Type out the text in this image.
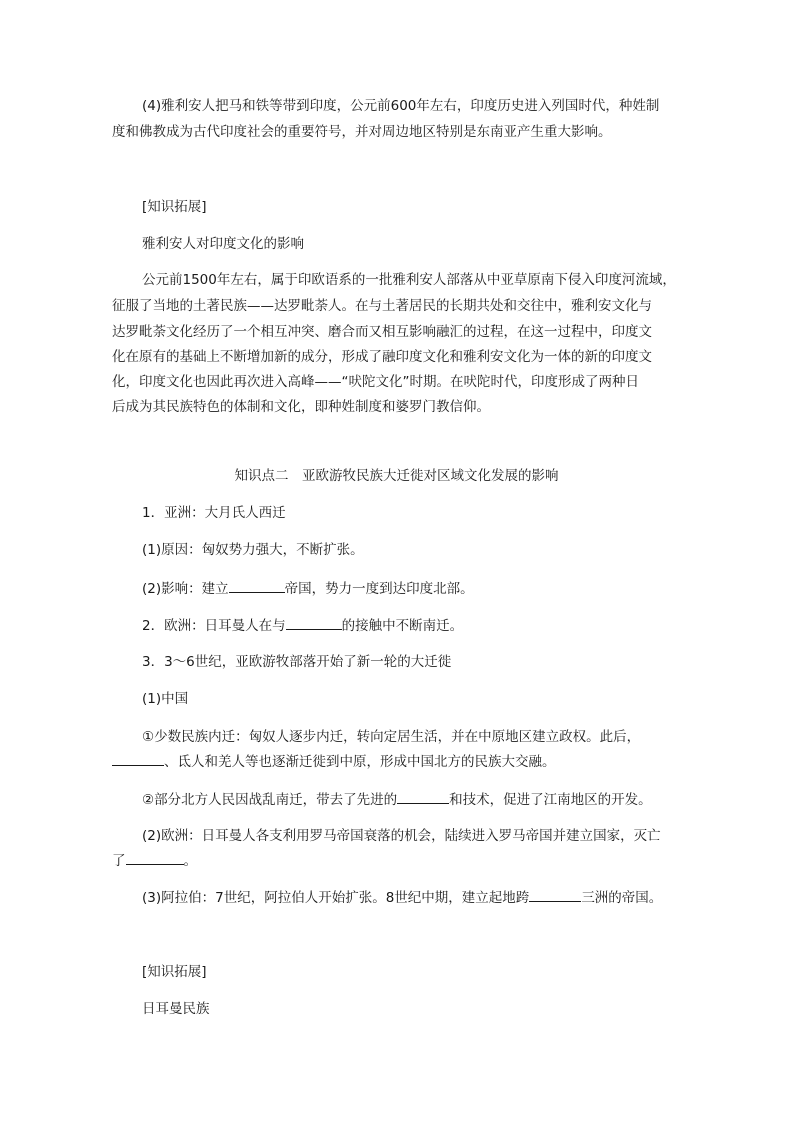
(4)雅利安人把马和铁等带到印度，公元前600年左右，印度历史进入列国时代，种姓制
度和佛教成为古代印度社会的重要符号，并对周边地区特别是东南亚产生重大影响。
[知识拓展]
雅利安人对印度文化的影响
公元前1500年左右，属于印欧语系的一批雅利安人部落从中亚草原南下侵入印度河流域，
征服了当地的土著民族——达罗毗荼人。在与土著居民的长期共处和交往中，雅利安文化与
达罗毗荼文化经历了一个相互冲突、磨合而又相互影响融汇的过程，在这一过程中，印度文
化在原有的基础上不断增加新的成分，形成了融印度文化和雅利安文化为一体的新的印度文
化，印度文化也因此再次进入高峰——“吠陀文化”时期。在吠陀时代，印度形成了两种日
后成为其民族特色的体制和文化，即种姓制度和婆罗门教信仰。
知识点二　亚欧游牧民族大迁徙对区域文化发展的影响
1．亚洲：大月氏人西迁
(1)原因：匈奴势力强大，不断扩张。
(2)影响：建立	帝国，势力一度到达印度北部。
2．欧洲：日耳曼人在与	的接触中不断南迁。
3．3～6世纪，亚欧游牧部落开始了新一轮的大迁徙
(1)中国
①少数民族内迁：匈奴人逐步内迁，转向定居生活，并在中原地区建立政权。此后，
、氐人和羌人等也逐渐迁徙到中原，形成中国北方的民族大交融。
②部分北方人民因战乱南迁，带去了先进的	和技术，促进了江南地区的开发。
(2)欧洲：日耳曼人各支利用罗马帝国衰落的机会，陆续进入罗马帝国并建立国家，灭亡
了	。
(3)阿拉伯：7世纪，阿拉伯人开始扩张。8世纪中期，建立起地跨	三洲的帝国。
[知识拓展]
日耳曼民族
